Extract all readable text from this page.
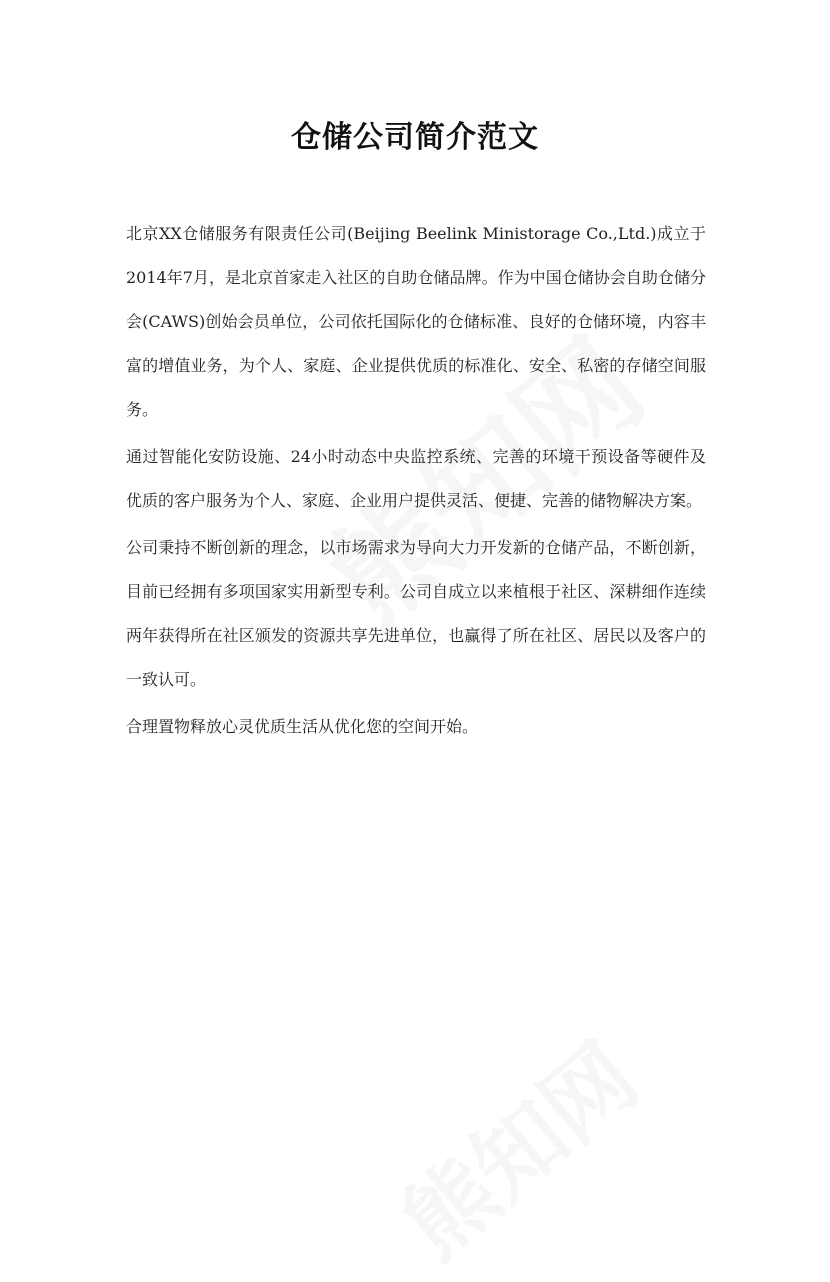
仓储公司简介范文

北京XX仓储服务有限责任公司(Beijing Beelink Ministorage Co.,Ltd.)成立于2014年7月，是北京首家走入社区的自助仓储品牌。作为中国仓储协会自助仓储分会(CAWS)创始会员单位，公司依托国际化的仓储标准、良好的仓储环境，内容丰富的增值业务，为个人、家庭、企业提供优质的标准化、安全、私密的存储空间服务。

通过智能化安防设施、24小时动态中央监控系统、完善的环境干预设备等硬件及优质的客户服务为个人、家庭、企业用户提供灵活、便捷、完善的储物解决方案。

公司秉持不断创新的理念，以市场需求为导向大力开发新的仓储产品，不断创新，目前已经拥有多项国家实用新型专利。公司自成立以来植根于社区、深耕细作连续两年获得所在社区颁发的资源共享先进单位，也赢得了所在社区、居民以及客户的一致认可。

合理置物释放心灵优质生活从优化您的空间开始。
